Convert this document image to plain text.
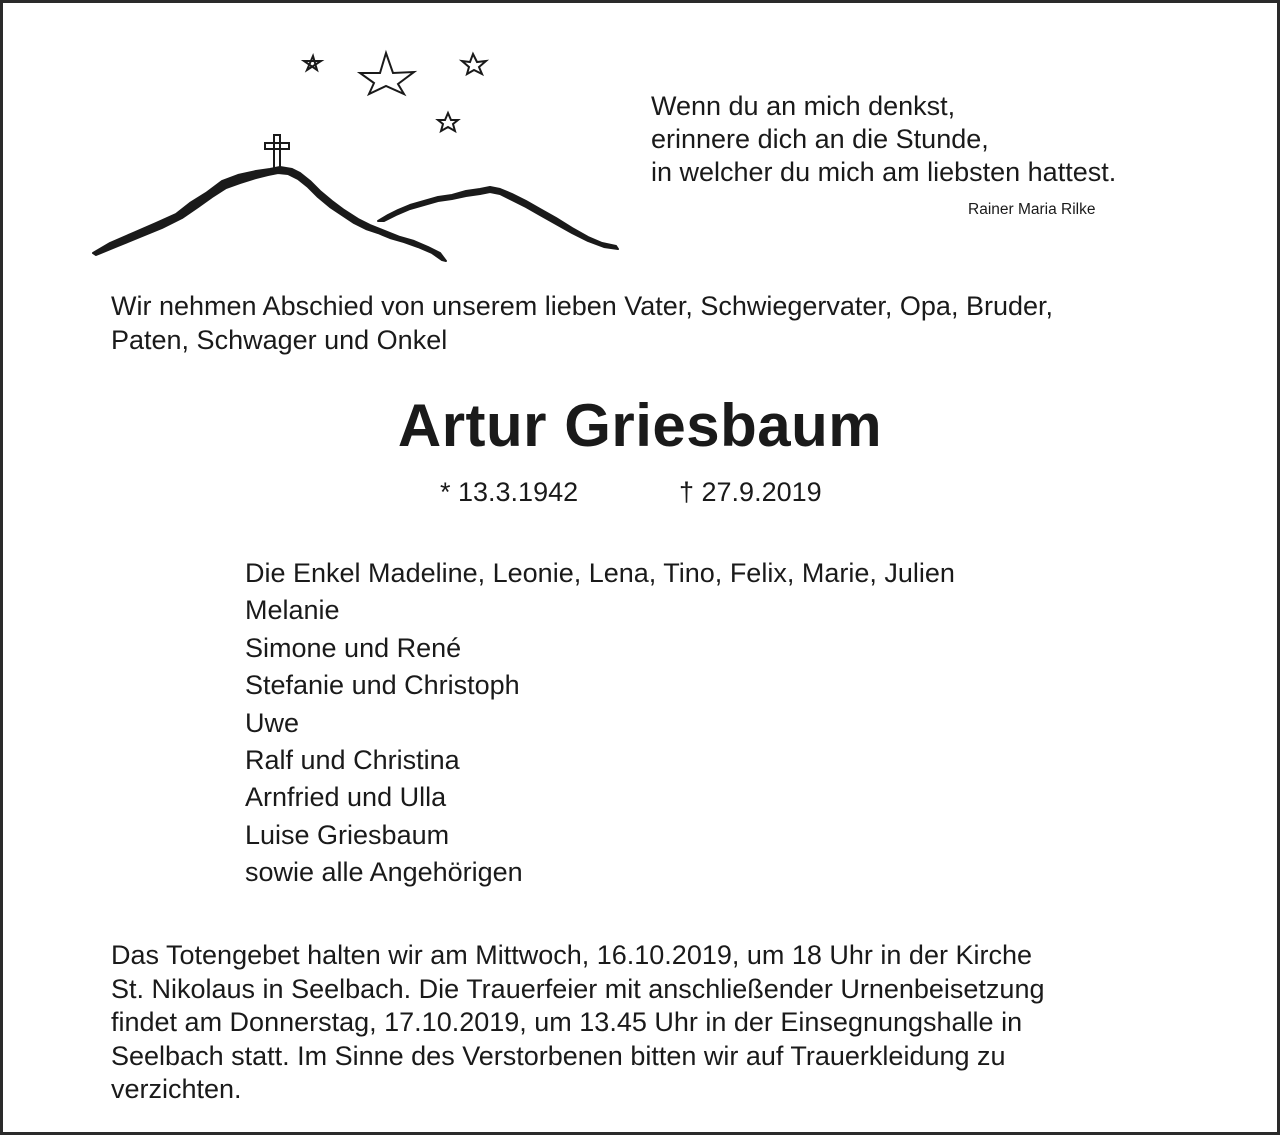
Wenn du an mich denkst,
erinnere dich an die Stunde,
in welcher du mich am liebsten hattest.
Rainer Maria Rilke
Wir nehmen Abschied von unserem lieben Vater, Schwiegervater, Opa, Bruder,
Paten, Schwager und Onkel
Artur Griesbaum
* 13.3.1942	† 27.9.2019
Die Enkel Madeline, Leonie, Lena, Tino, Felix, Marie, Julien
Melanie
Simone und René
Stefanie und Christoph
Uwe
Ralf und Christina
Arnfried und Ulla
Luise Griesbaum
sowie alle Angehörigen
Das Totengebet halten wir am Mittwoch, 16.10.2019, um 18 Uhr in der Kirche
St. Nikolaus in Seelbach. Die Trauerfeier mit anschließender Urnenbeisetzung
findet am Donnerstag, 17.10.2019, um 13.45 Uhr in der Einsegnungshalle in
Seelbach statt. Im Sinne des Verstorbenen bitten wir auf Trauerkleidung zu
verzichten.
